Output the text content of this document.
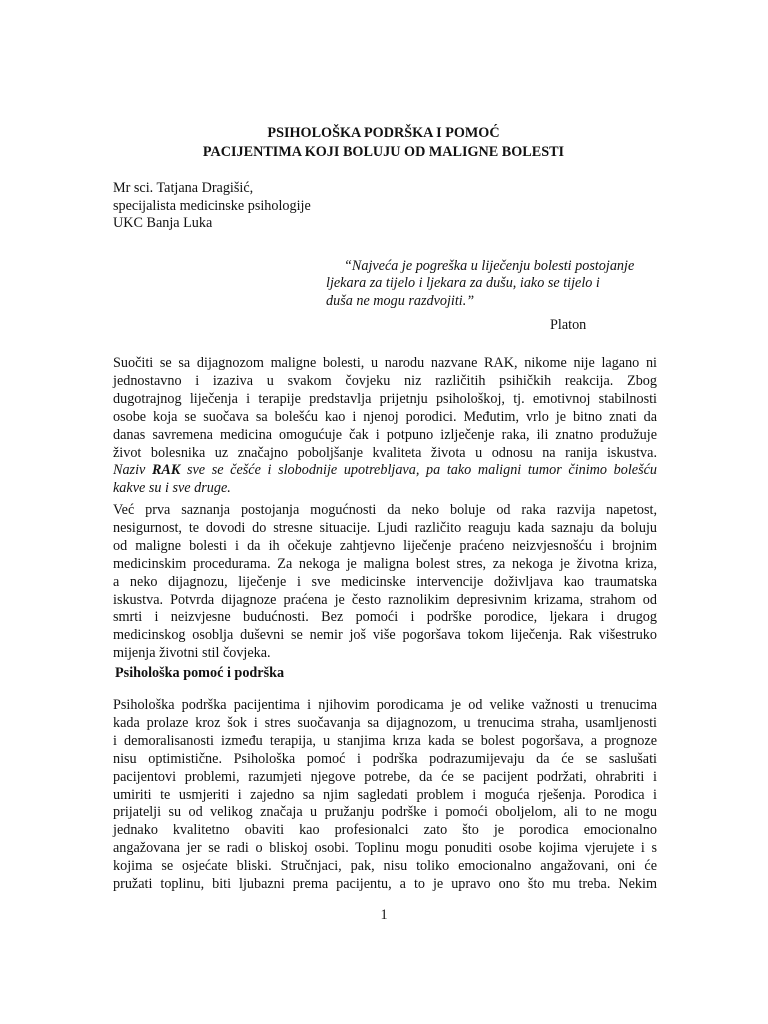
PSIHOLOŠKA PODRŠKA I POMOĆ
PACIJENTIMA KOJI BOLUJU OD MALIGNE BOLESTI
Mr sci. Tatjana Dragišić,
specijalista medicinske psihologije
UKC Banja Luka
“Najveća je pogreška u liječenju bolesti postojanje
ljekara za tijelo i ljekara za dušu, iako se tijelo i
duša ne mogu razdvojiti.”
Platon
Suočiti se sa dijagnozom maligne bolesti, u narodu nazvane RAK, nikome nije lagano ni
jednostavno i izaziva u svakom čovjeku niz različitih psihičkih reakcija. Zbog
dugotrajnog liječenja i terapije predstavlja prijetnju psihološkoj, tj. emotivnoj stabilnosti
osobe koja se suočava sa bolešću kao i njenoj porodici. Međutim, vrlo je bitno znati da
danas savremena medicina omogućuje čak i potpuno izlječenje raka, ili znatno produžuje
život bolesnika uz značajno poboljšanje kvaliteta života u odnosu na ranija iskustva.
Naziv RAK sve se češće i slobodnije upotrebljava, pa tako maligni tumor činimo bolešću
kakve su i sve druge.
Već prva saznanja postojanja mogućnosti da neko boluje od raka razvija napetost,
nesigurnost, te dovodi do stresne situacije. Ljudi različito reaguju kada saznaju da boluju
od maligne bolesti i da ih očekuje zahtjevno liječenje praćeno neizvjesnošću i brojnim
medicinskim procedurama. Za nekoga je maligna bolest stres, za nekoga je životna kriza,
a neko dijagnozu, liječenje i sve medicinske intervencije doživljava kao traumatska
iskustva. Potvrda dijagnoze praćena je često raznolikim depresivnim krizama, strahom od
smrti i neizvjesne budućnosti. Bez pomoći i podrške porodice, ljekara i drugog
medicinskog osoblja duševni se nemir još više pogoršava tokom liječenja. Rak višestruko
mijenja životni stil čovjeka.
Psihološka pomoć i podrška
Psihološka podrška pacijentima i njihovim porodicama je od velike važnosti u trenucima
kada prolaze kroz šok i stres suočavanja sa dijagnozom, u trenucima straha, usamljenosti
i demoralisanosti između terapija, u stanjima krıza kada se bolest pogoršava, a prognoze
nisu optimistične. Psihološka pomoć i podrška podrazumijevaju da će se saslušati
pacijentovi problemi, razumjeti njegove potrebe, da će se pacijent podržati, ohrabriti i
umiriti te usmjeriti i zajedno sa njim sagledati problem i moguća rješenja. Porodica i
prijatelji su od velikog značaja u pružanju podrške i pomoći oboljelom, ali to ne mogu
jednako kvalitetno obaviti kao profesionalci zato što je porodica emocionalno
angažovana jer se radi o bliskoj osobi. Toplinu mogu ponuditi osobe kojima vjerujete i s
kojima se osjećate bliski. Stručnjaci, pak, nisu toliko emocionalno angažovani, oni će
pružati toplinu, biti ljubazni prema pacijentu, a to je upravo ono što mu treba. Nekim
1
